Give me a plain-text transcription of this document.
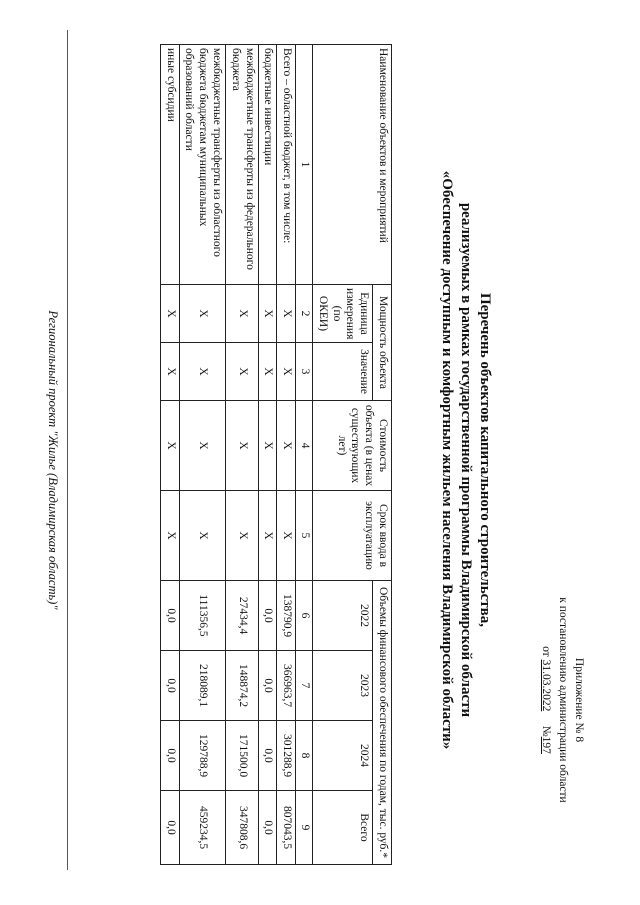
Приложение № 8
к постановлению администрации области
от 31.03.2022     №197
Перечень объектов капитального строительства,
реализуемых в рамках государственной программы Владимирской области
«Обеспечение доступным и комфортным жильем населения Владимирской области»
Наименование объектов и мероприятий	Мощность объекта		Стоимость объекта (в ценах существующих лет)	Срок ввода в эксплуатацию	Объемы финансового обеспечения по годам, тыс. руб.*			
	Единица измерения (по ОКЕИ)	Значение			2022	2023	2024	Всего
1	2	3	4	5	6	7	8	9
Всего – областной бюджет, в том числе:	Х	Х	Х	Х	138790,9	366963,7	301288,9	807043,5
бюджетные инвестиции	Х	Х	Х	Х	0,0	0,0	0,0	0,0
межбюджетные трансферты из федерального бюджета	Х	Х	Х	Х	27434,4	148874,2	171500,0	347808,6
межбюджетные трансферты из областного бюджета бюджетам муниципальных образований области	Х	Х	Х	Х	111356,5	218089,1	129788,9	459234,5
иные субсидии	Х	Х	Х	Х	0,0	0,0	0,0	0,0
Региональный проект "Жилье (Владимирская область)"
